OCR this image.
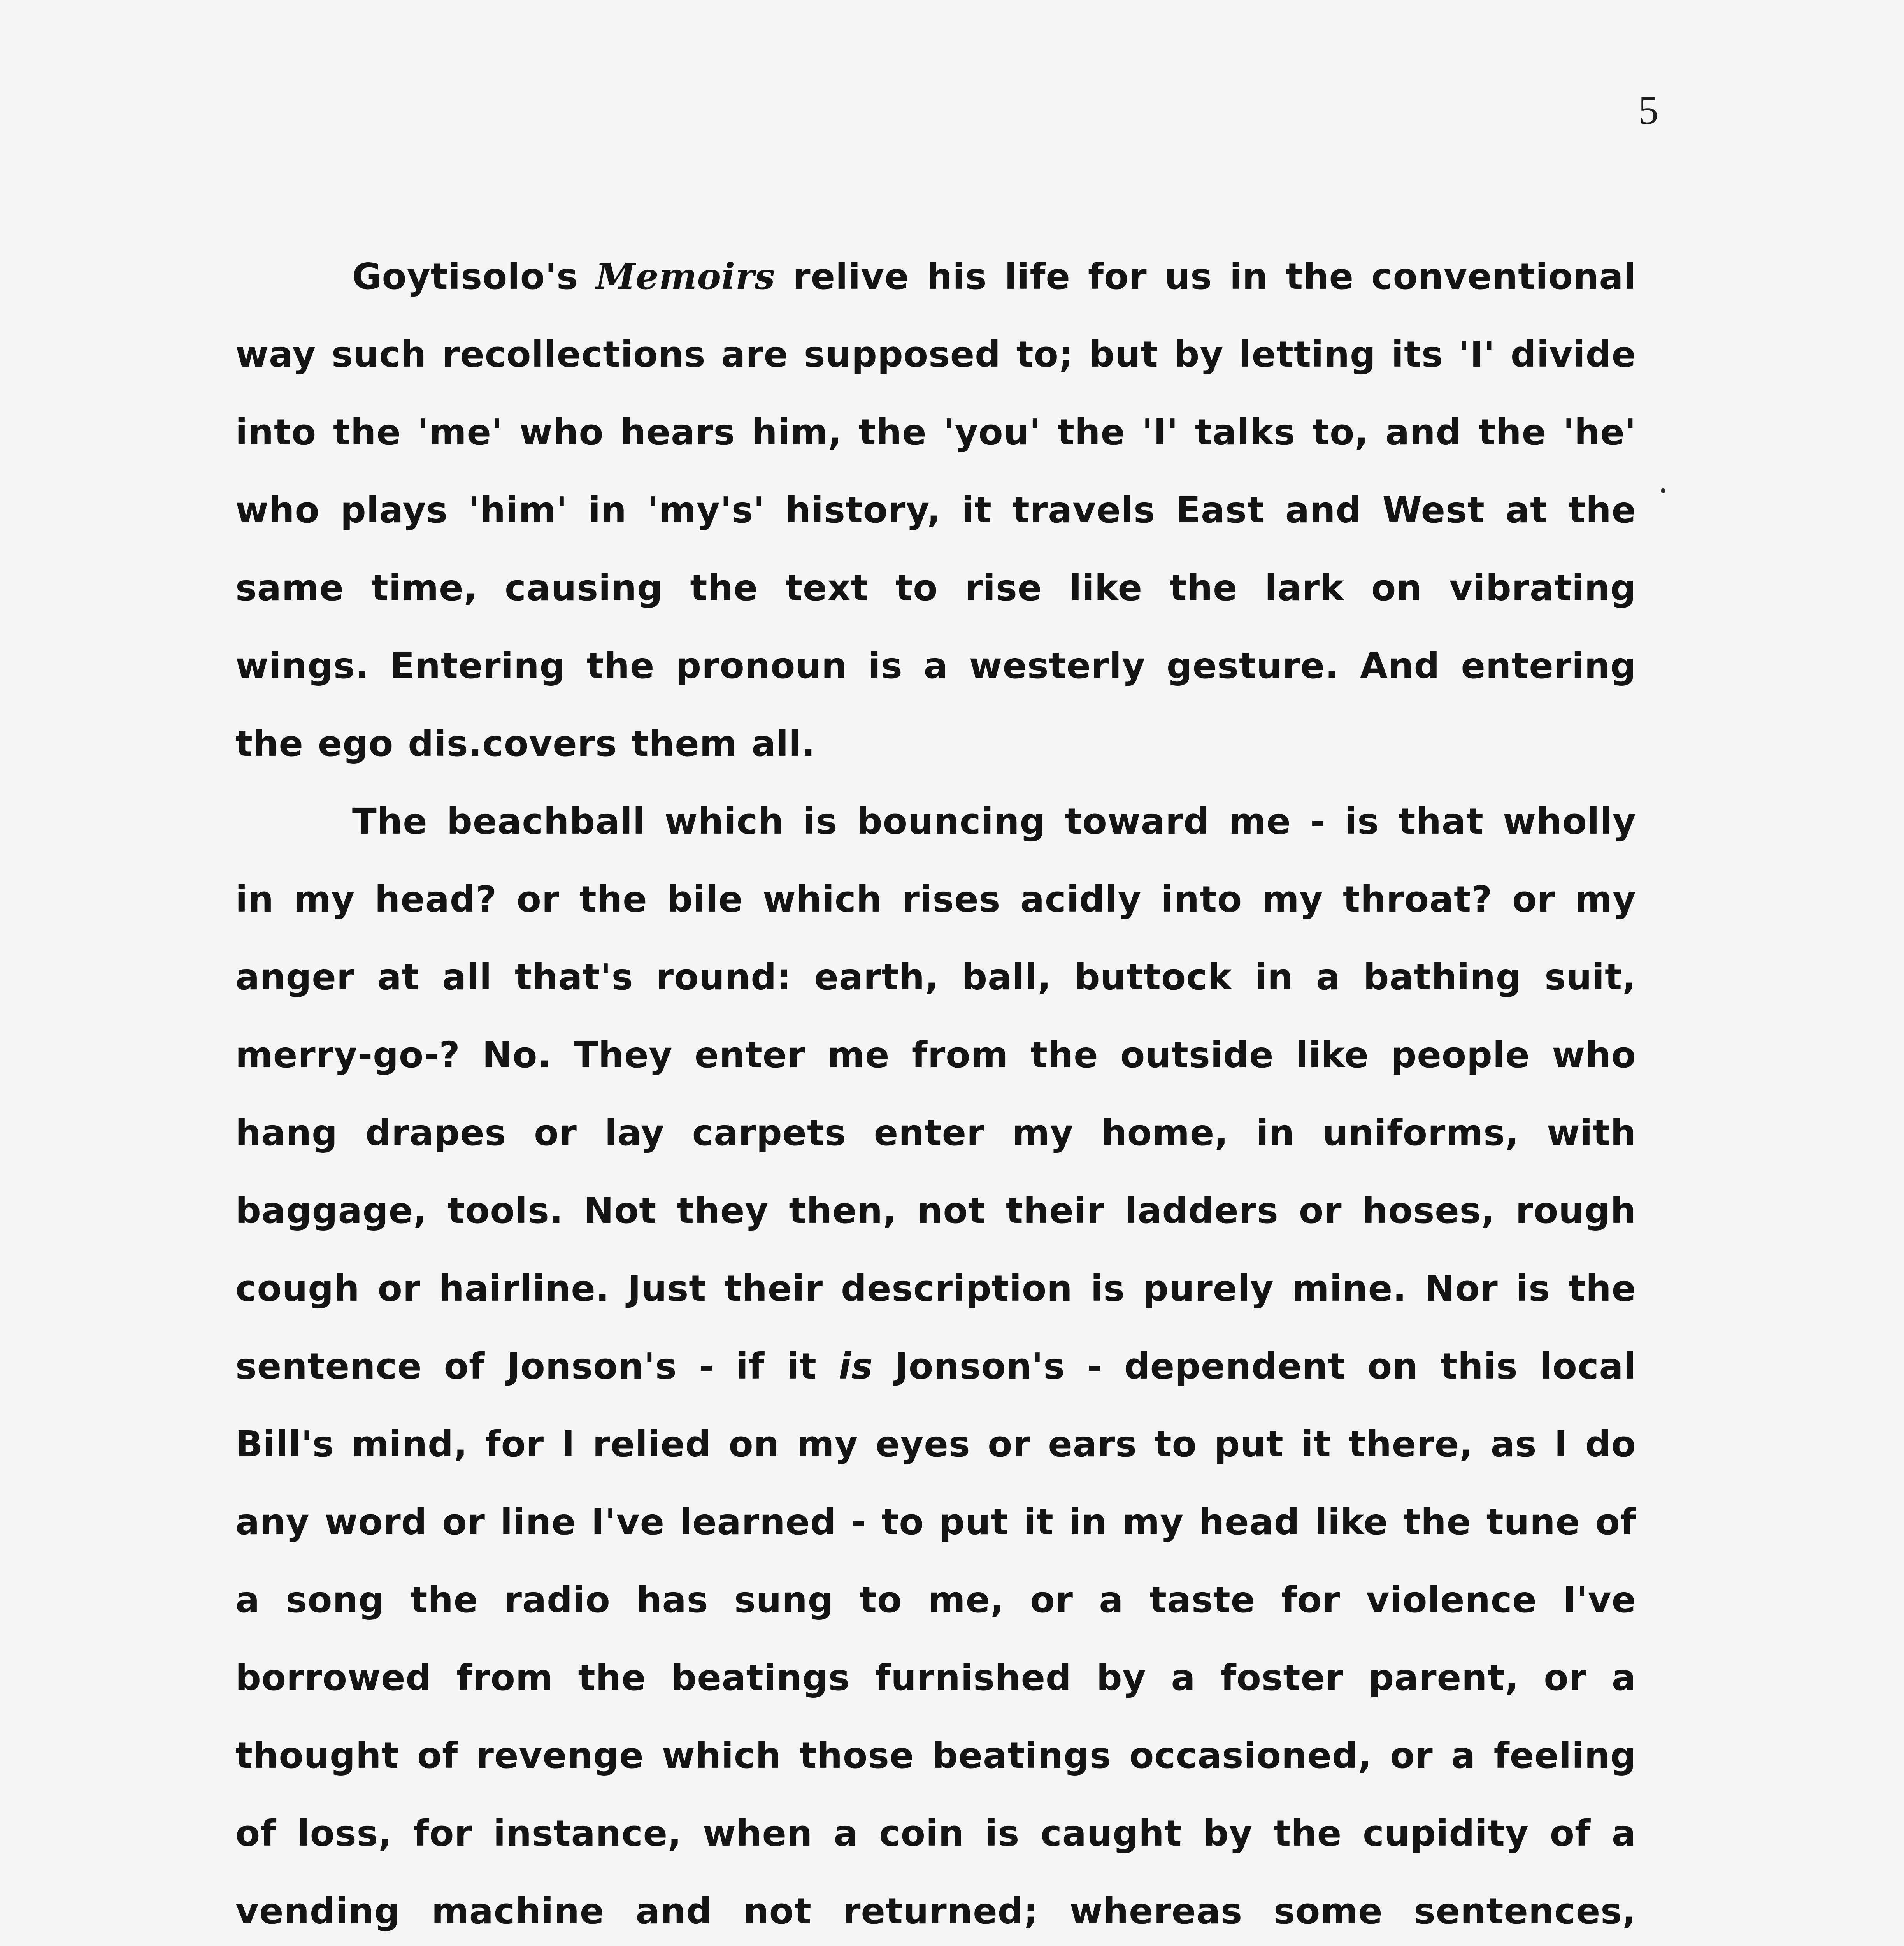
5

Goytisolo's Memoirs relive his life for us in the conventional way such recollections are supposed to; but by letting its 'I' divide into the 'me' who hears him, the 'you' the 'I' talks to, and the 'he' who plays 'him' in 'my's' history, it travels East and West at the same time, causing the text to rise like the lark on vibrating wings. Entering the pronoun is a westerly gesture. And entering the ego dis.covers them all.

The beachball which is bouncing toward me - is that wholly in my head? or the bile which rises acidly into my throat? or my anger at all that's round: earth, ball, buttock in a bathing suit, merry-go-? No. They enter me from the outside like people who hang drapes or lay carpets enter my home, in uniforms, with baggage, tools. Not they then, not their ladders or hoses, rough cough or hairline. Just their description is purely mine. Nor is the sentence of Jonson's - if it is Jonson's - dependent on this local Bill's mind, for I relied on my eyes or ears to put it there, as I do any word or line I've learned - to put it in my head like the tune of a song the radio has sung to me, or a taste for violence I've borrowed from the beatings furnished by a foster parent, or a thought of revenge which those beatings occasioned, or a feeling of loss, for instance, when a coin is caught by the cupidity of a vending machine and not returned; whereas some sentences,
